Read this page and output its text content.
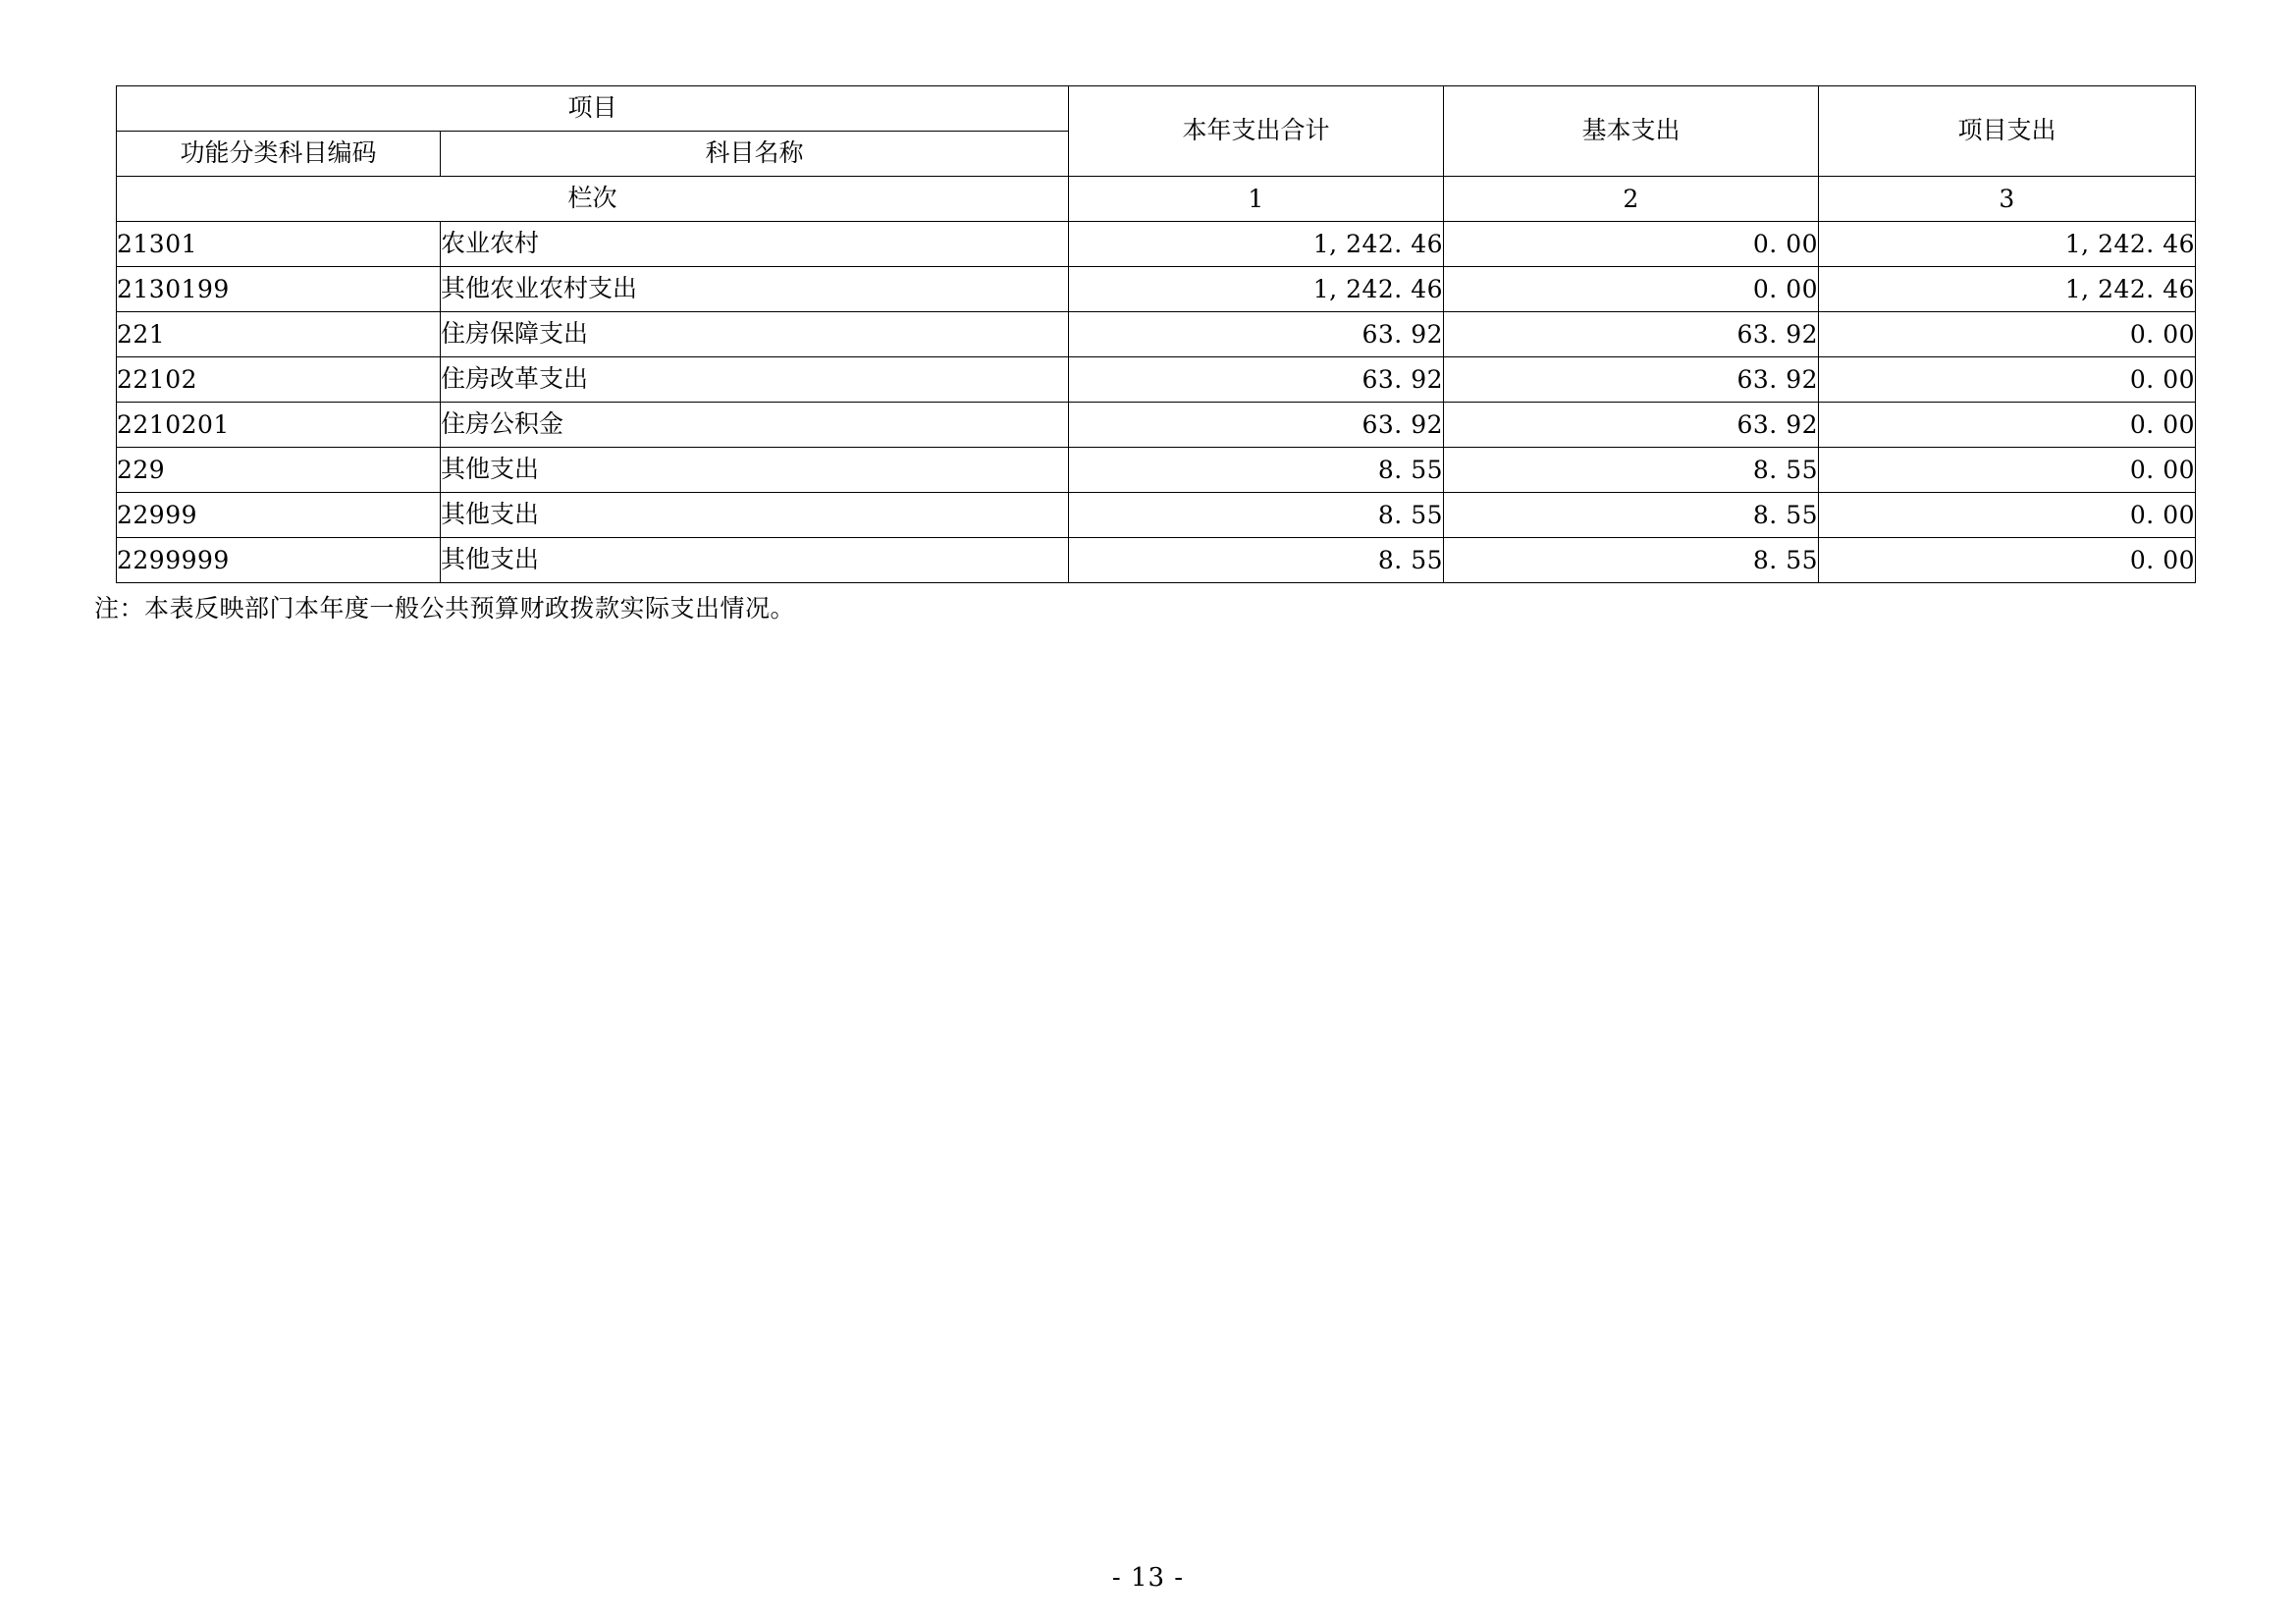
项目		本年支出合计	基本支出	项目支出
功能分类科目编码	科目名称			
栏次		1	2	3
21301	农业农村	1, 242. 46	0. 00	1, 242. 46
2130199	其他农业农村支出	1, 242. 46	0. 00	1, 242. 46
221	住房保障支出	63. 92	63. 92	0. 00
22102	住房改革支出	63. 92	63. 92	0. 00
2210201	住房公积金	63. 92	63. 92	0. 00
229	其他支出	8. 55	8. 55	0. 00
22999	其他支出	8. 55	8. 55	0. 00
2299999	其他支出	8. 55	8. 55	0. 00
注：本表反映部门本年度一般公共预算财政拨款实际支出情况。
- 13 -
